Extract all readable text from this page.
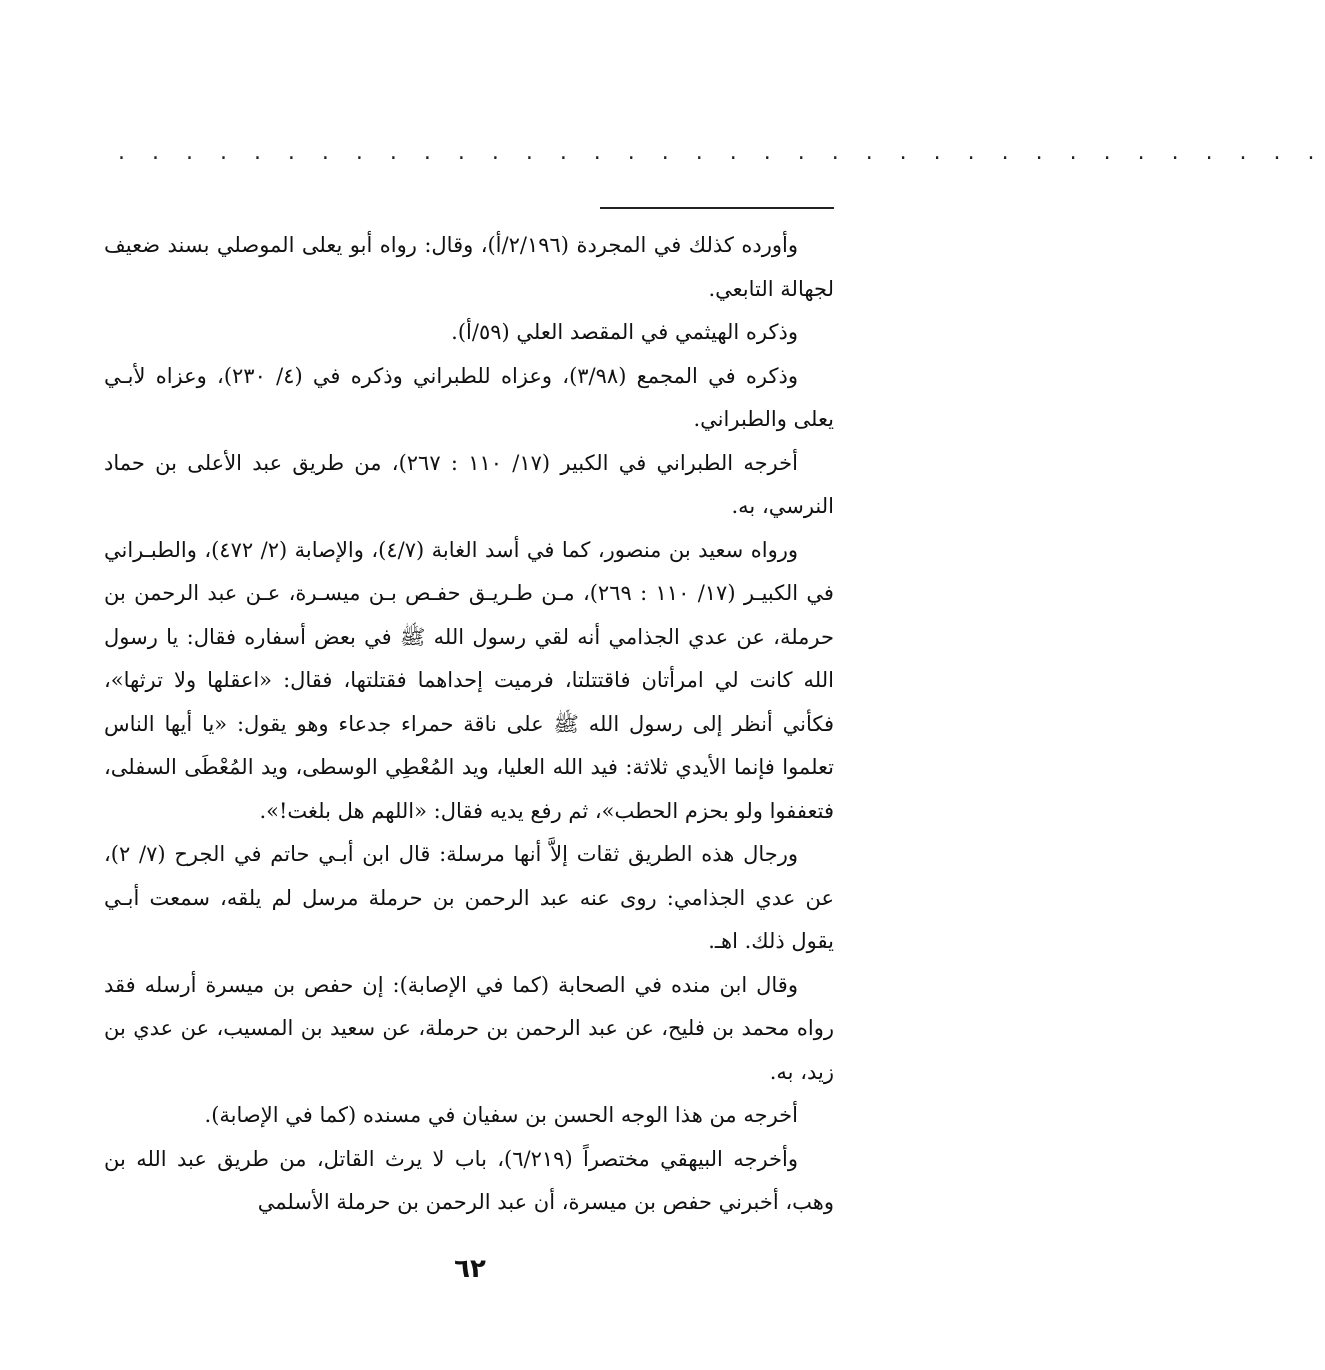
. . . . . . . . . . . . . . . . . . . . . . . . . . . . . . . . . . . .

وأورده كذلك في المجردة (٢/١٩٦/أ)، وقال: رواه أبو يعلى الموصلي بسند ضعيف لجهالة التابعي.

وذكره الهيثمي في المقصد العلي (٥٩/أ).

وذكره في المجمع (٣/٩٨)، وعزاه للطبراني وذكره في (٤/ ٢٣٠)، وعزاه لأبـي يعلى والطبراني.

أخرجه الطبراني في الكبير (١٧/ ١١٠ : ٢٦٧)، من طريق عبد الأعلى بن حماد النرسي، به.

ورواه سعيد بن منصور، كما في أسد الغابة (٤/٧)، والإصابة (٢/ ٤٧٢)، والطبـراني في الكبيـر (١٧/ ١١٠ : ٢٦٩)، مـن طـريـق حفـص بـن ميسـرة، عـن عبد الرحمن بن حرملة، عن عدي الجذامي أنه لقي رسول الله ﷺ في بعض أسفاره فقال: يا رسول الله كانت لي امرأتان فاقتتلتا، فرميت إحداهما فقتلتها، فقال: «اعقلها ولا ترثها»، فكأني أنظر إلى رسول الله ﷺ على ناقة حمراء جدعاء وهو يقول: «يا أيها الناس تعلموا فإنما الأيدي ثلاثة: فيد الله العليا، ويد المُعْطِي الوسطى، ويد المُعْطَى السفلى، فتعففوا ولو بحزم الحطب»، ثم رفع يديه فقال: «اللهم هل بلغت!».

ورجال هذه الطريق ثقات إلاَّ أنها مرسلة: قال ابن أبـي حاتم في الجرح (٧/ ٢)، عن عدي الجذامي: روى عنه عبد الرحمن بن حرملة مرسل لم يلقه، سمعت أبـي يقول ذلك. اهـ.

وقال ابن منده في الصحابة (كما في الإصابة): إن حفص بن ميسرة أرسله فقد رواه محمد بن فليح، عن عبد الرحمن بن حرملة، عن سعيد بن المسيب، عن عدي بن زيد، به.

أخرجه من هذا الوجه الحسن بن سفيان في مسنده (كما في الإصابة).

وأخرجه البيهقي مختصراً (٦/٢١٩)، باب لا يرث القاتل، من طريق عبد الله بن وهب، أخبرني حفص بن ميسرة، أن عبد الرحمن بن حرملة الأسلمي

٦٢
